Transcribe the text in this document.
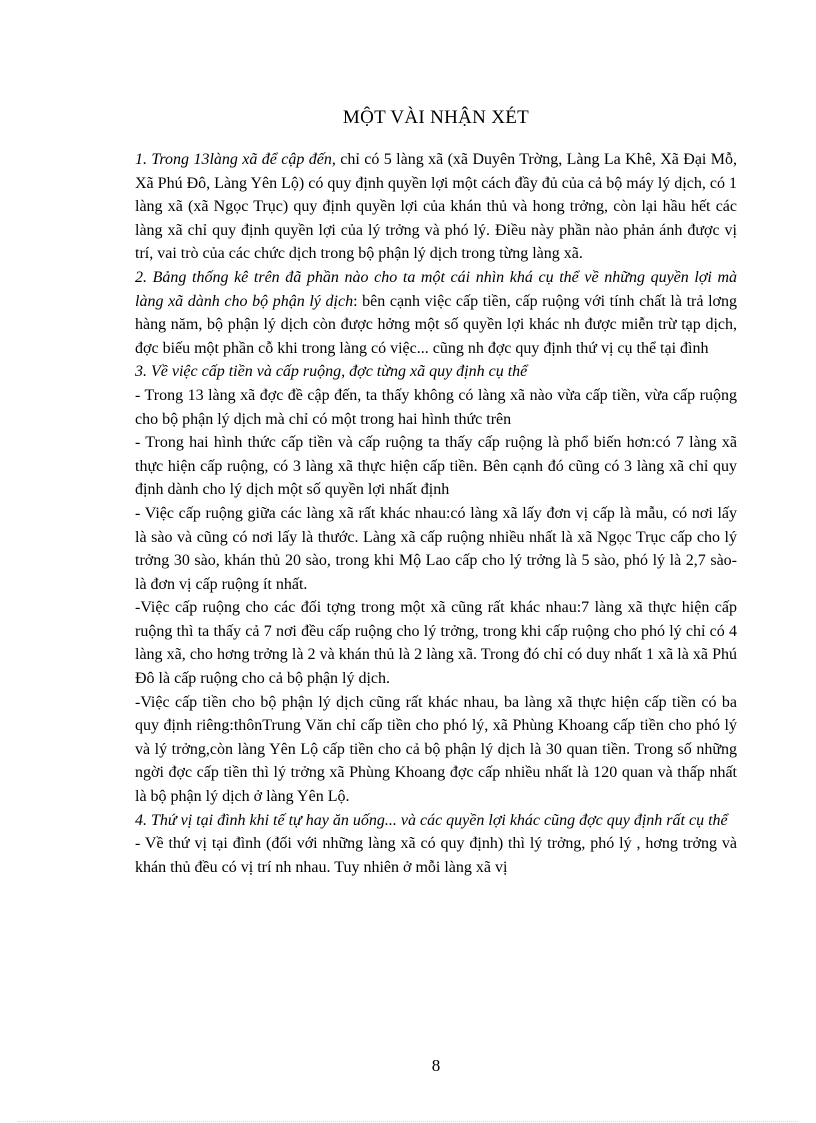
MỘT VÀI NHẬN XÉT

1. Trong 13làng xã để cập đến, chỉ có 5 làng xã (xã Duyên Trờng, Làng La Khê, Xã Đại Mỗ, Xã Phú Đô, Làng Yên Lộ) có quy định quyền lợi một cách đầy đủ của cả bộ máy lý dịch, có 1 làng xã (xã Ngọc Trục) quy định quyền lợi của khán thủ và hong trởng, còn lại hầu hết các làng xã chỉ quy định quyền lợi của lý trởng và phó lý. Điều này phần nào phản ánh được vị trí, vai trò của các chức dịch trong bộ phận lý dịch trong từng làng xã.

2. Bảng thống kê trên đã phần nào cho ta một cái nhìn khá cụ thể về những quyền lợi mà làng xã dành cho bộ phận lý dịch: bên cạnh việc cấp tiền, cấp ruộng với tính chất là trả lơng hàng năm, bộ phận lý dịch còn được hởng một số quyền lợi khác nh được miễn trừ tạp dịch, đợc biếu một phần cỗ khi trong làng có việc... cũng nh đợc quy định thứ vị cụ thể tại đình

3. Về việc cấp tiền và cấp ruộng, đợc từng xã quy định cụ thể

- Trong 13 làng xã đợc đề cập đến, ta thấy không có làng xã nào vừa cấp tiền, vừa cấp ruộng cho bộ phận lý dịch mà chỉ có một trong hai hình thức trên

- Trong hai hình thức cấp tiền và cấp ruộng ta thấy cấp ruộng là phổ biến hơn:có 7 làng xã thực hiện cấp ruộng, có 3 làng xã thực hiện cấp tiền. Bên cạnh đó cũng có 3 làng xã chỉ quy định dành cho lý dịch một số quyền lợi nhất định

- Việc cấp ruộng giữa các làng xã rất khác nhau:có làng xã lấy đơn vị cấp là mẫu, có nơi lấy là sào và cũng có nơi lấy là thước. Làng xã cấp ruộng nhiều nhất là xã Ngọc Trục cấp cho lý trởng 30 sào, khán thủ 20 sào, trong khi Mộ Lao cấp cho lý trởng là 5 sào, phó lý là 2,7 sào- là đơn vị cấp ruộng ít nhất.

-Việc cấp ruộng cho các đối tợng trong một xã cũng rất khác nhau:7 làng xã thực hiện cấp ruộng thì ta thấy cả 7 nơi đều cấp ruộng cho lý trởng, trong khi cấp ruộng cho phó lý chỉ có 4 làng xã, cho hơng trởng là 2 và khán thủ là 2 làng xã. Trong đó chỉ có duy nhất 1 xã là xã Phú Đô là cấp ruộng cho cả bộ phận lý dịch.

-Việc cấp tiền cho bộ phận lý dịch cũng rất khác nhau, ba làng xã thực hiện cấp tiền có ba quy định riêng:thônTrung Văn chỉ cấp tiền cho phó lý, xã Phùng Khoang cấp tiền cho phó lý và lý trởng,còn làng Yên Lộ cấp tiền cho cả bộ phận lý dịch là 30 quan tiền. Trong số những ngời đợc cấp tiền thì lý trởng xã Phùng Khoang đợc cấp nhiều nhất là 120 quan và thấp nhất là bộ phận lý dịch ở làng Yên Lộ.

4. Thứ vị tại đình khi tế tự hay ăn uống... và các quyền lợi khác cũng đợc quy định rất cụ thể

- Về thứ vị tại đình (đối với những làng xã có quy định) thì lý trởng, phó lý , hơng trởng và khán thủ đều có vị trí nh nhau. Tuy nhiên ở mỗi làng xã vị

8
